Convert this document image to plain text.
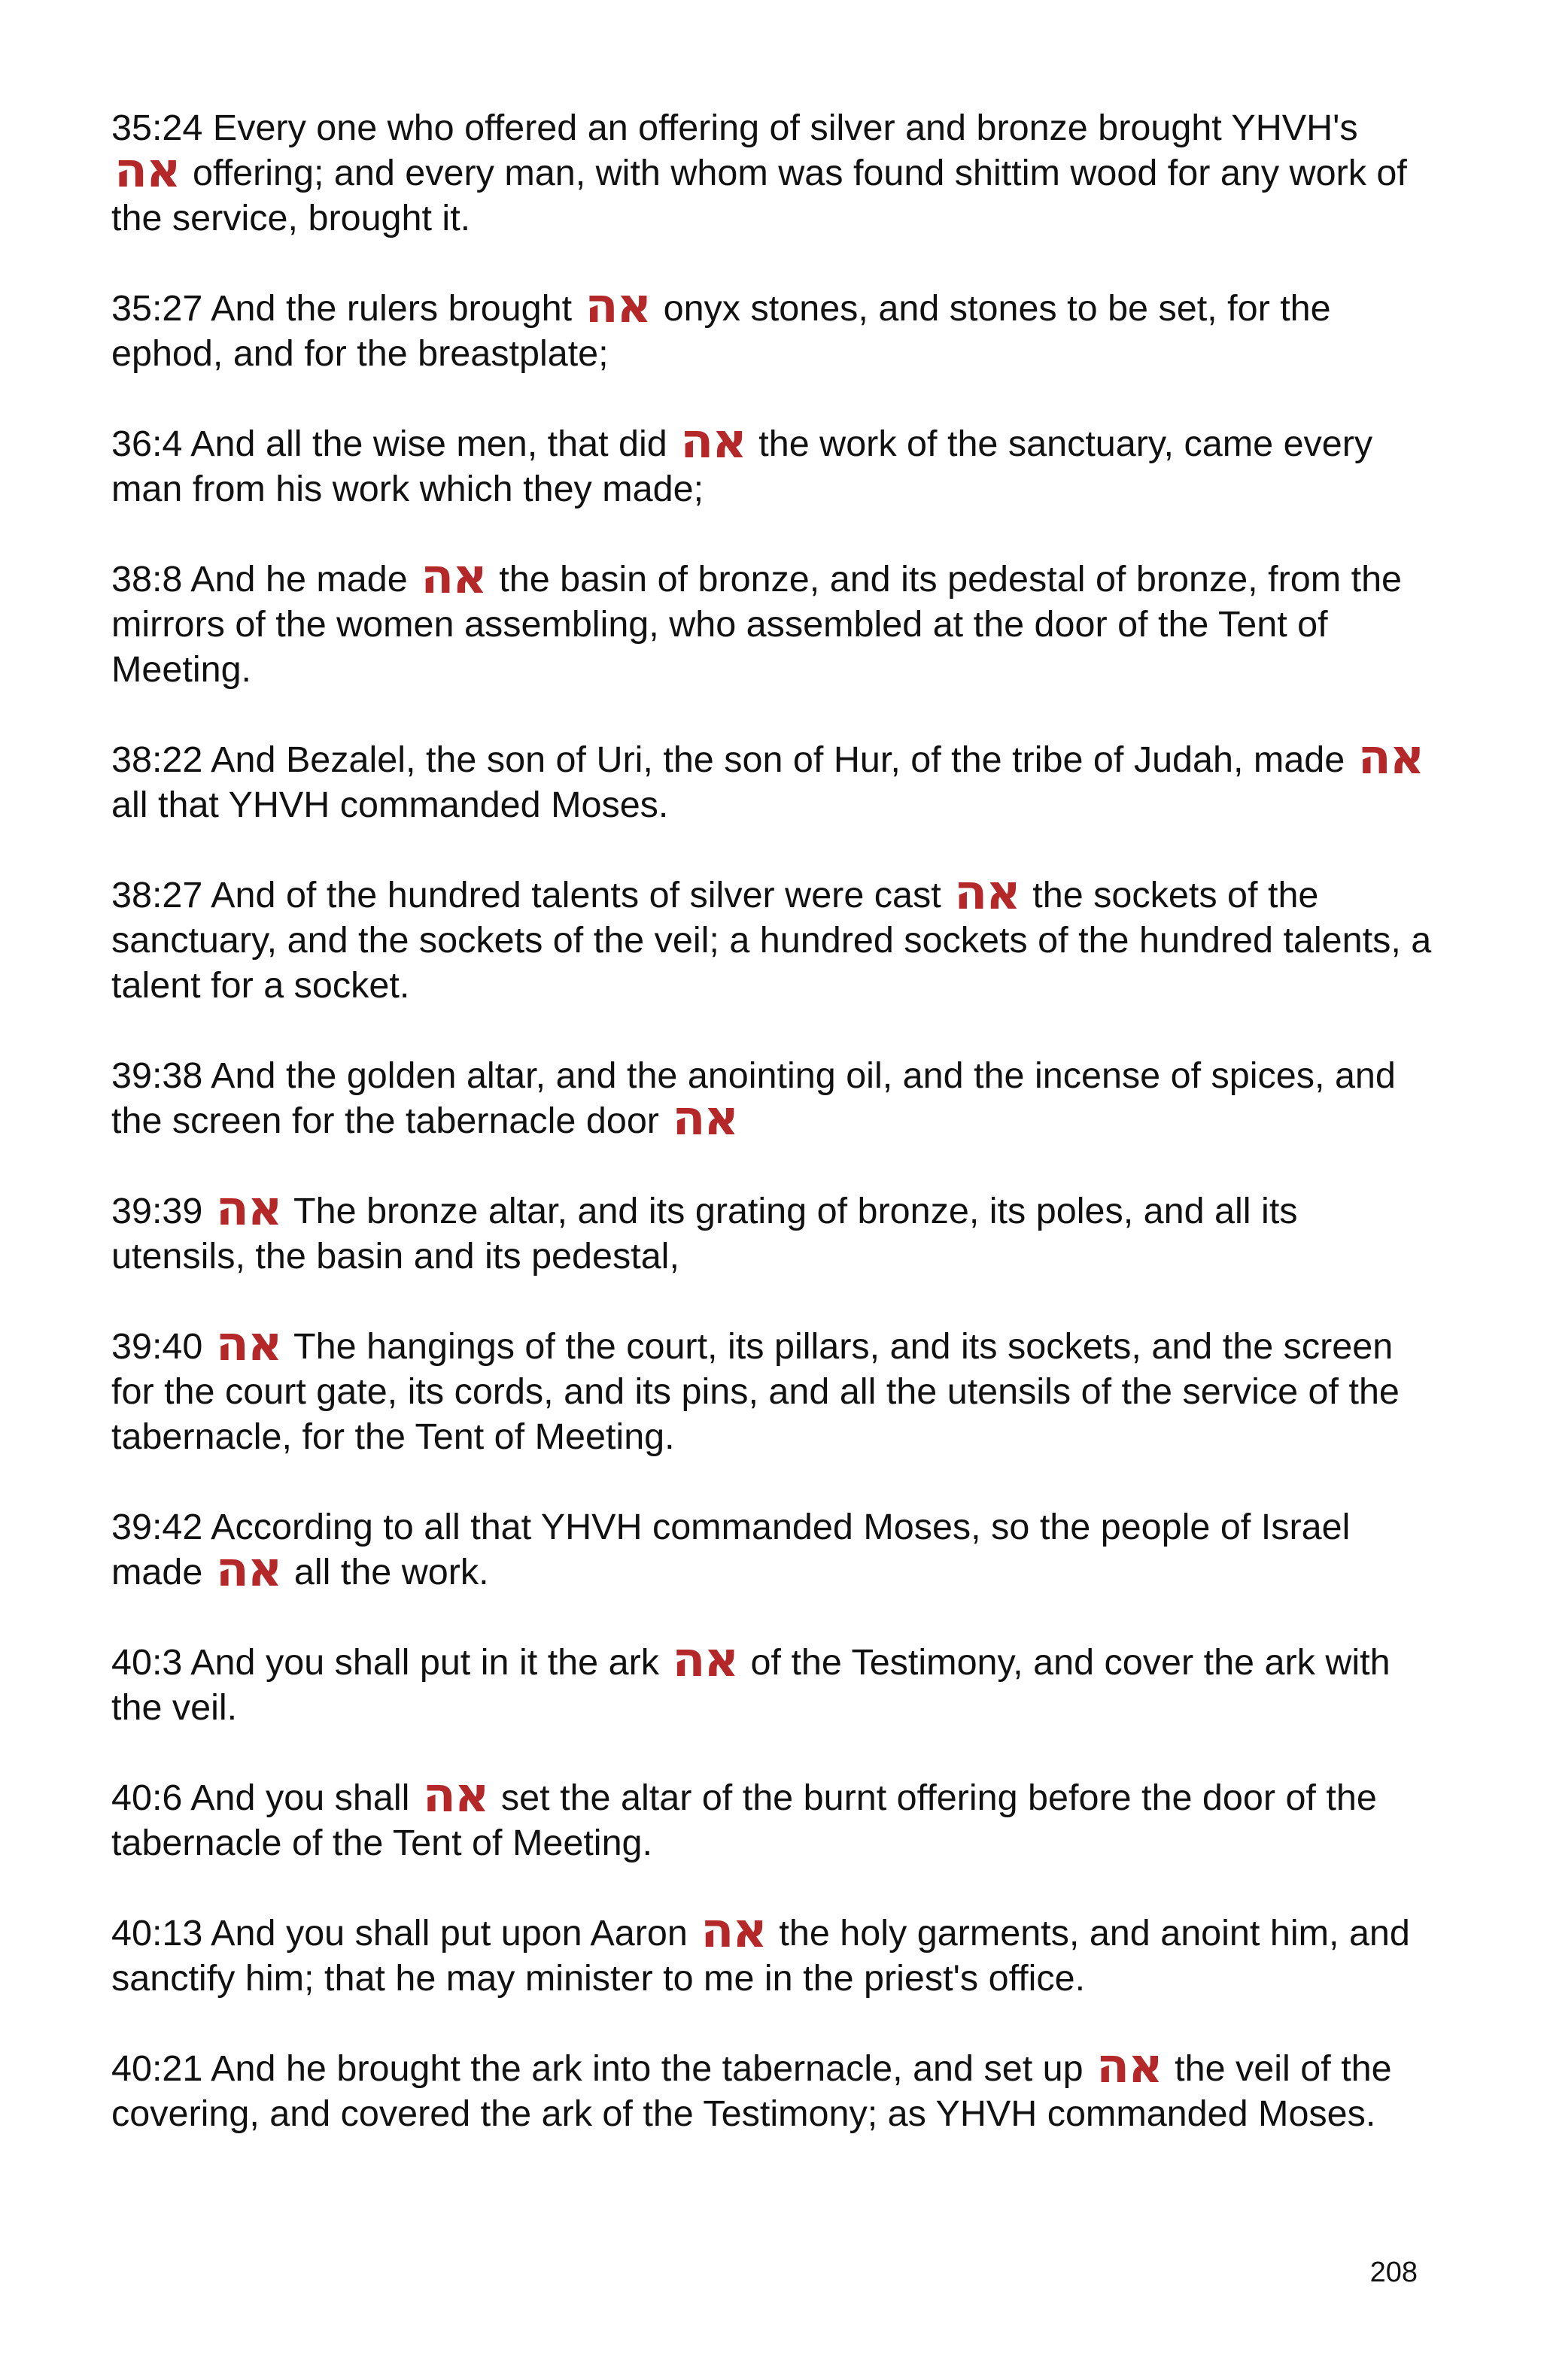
35:24 Every one who offered an offering of silver and bronze brought YHVH's אה offering; and every man, with whom was found shittim wood for any work of the service, brought it.

35:27 And the rulers brought אה onyx stones, and stones to be set, for the ephod, and for the breastplate;

36:4 And all the wise men, that did אה the work of the sanctuary, came every man from his work which they made;

38:8 And he made אה the basin of bronze, and its pedestal of bronze, from the mirrors of the women assembling, who assembled at the door of the Tent of Meeting.

38:22 And Bezalel, the son of Uri, the son of Hur, of the tribe of Judah, made אה all that YHVH commanded Moses.

38:27 And of the hundred talents of silver were cast אה the sockets of the sanctuary, and the sockets of the veil; a hundred sockets of the hundred talents, a talent for a socket.

39:38 And the golden altar, and the anointing oil, and the incense of spices, and the screen for the tabernacle door אה

39:39 אה The bronze altar, and its grating of bronze, its poles, and all its utensils, the basin and its pedestal,

39:40 אה The hangings of the court, its pillars, and its sockets, and the screen for the court gate, its cords, and its pins, and all the utensils of the service of the tabernacle, for the Tent of Meeting.

39:42 According to all that YHVH commanded Moses, so the people of Israel made אה all the work.

40:3 And you shall put in it the ark אה of the Testimony, and cover the ark with the veil.

40:6 And you shall אה set the altar of the burnt offering before the door of the tabernacle of the Tent of Meeting.

40:13 And you shall put upon Aaron אה the holy garments, and anoint him, and sanctify him; that he may minister to me in the priest's office.

40:21 And he brought the ark into the tabernacle, and set up אה the veil of the covering, and covered the ark of the Testimony; as YHVH commanded Moses.

208
